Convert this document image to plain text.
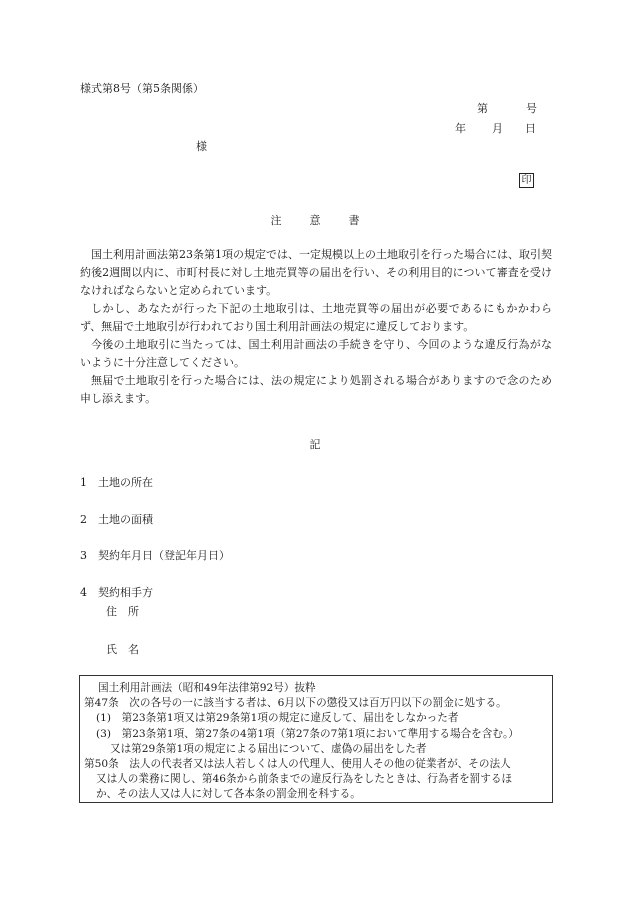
様式第8号（第5条関係）
第	号
年 月 日
様
印
注意書

国土利用計画法第23条第1項の規定では、一定規模以上の土地取引を行った場合には、取引契約後2週間以内に、市町村長に対し土地売買等の届出を行い、その利用目的について審査を受けなければならないと定められています。

しかし、あなたが行った下記の土地取引は、土地売買等の届出が必要であるにもかかわらず、無届で土地取引が行われており国土利用計画法の規定に違反しております。

今後の土地取引に当たっては、国土利用計画法の手続きを守り、今回のような違反行為がないように十分注意してください。

無届で土地取引を行った場合には、法の規定により処罰される場合がありますので念のため申し添えます。

記
1 土地の所在
2 土地の面積
3 契約年月日（登記年月日）
4 契約相手方
住　所
氏　名
国土利用計画法（昭和49年法律第92号）抜粋
第47条　次の各号の一に該当する者は、6月以下の懲役又は百万円以下の罰金に処する。
(1)　第23条第1項又は第29条第1項の規定に違反して、届出をしなかった者
(3)　第23条第1項、第27条の4第1項（第27条の7第1項において準用する場合を含む。）
又は第29条第1項の規定による届出について、虚偽の届出をした者
第50条　法人の代表者又は法人若しくは人の代理人、使用人その他の従業者が、その法人
又は人の業務に関し、第46条から前条までの違反行為をしたときは、行為者を罰するほ
か、その法人又は人に対して各本条の罰金刑を科する。
